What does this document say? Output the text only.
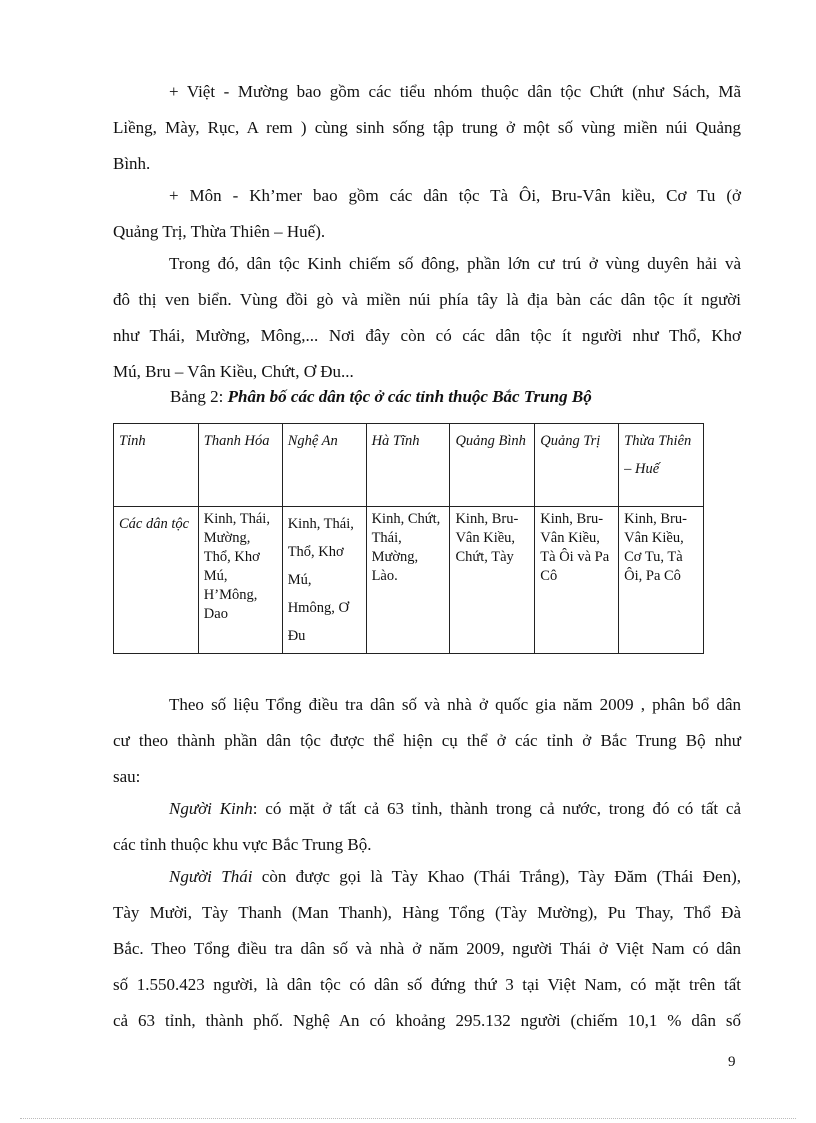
+ Việt - Mường bao gồm các tiểu nhóm thuộc dân tộc Chứt (như Sách, Mã
Liềng, Mày, Rục, A rem ) cùng sinh sống tập trung ở một số vùng miền núi Quảng
Bình.
+ Môn - Kh’mer bao gồm các dân tộc Tà Ôi, Bru-Vân kiều, Cơ Tu (ở
Quảng Trị, Thừa Thiên – Huế).
Trong đó, dân tộc Kinh chiếm số đông, phần lớn cư trú ở vùng duyên hải và
đô thị ven biển. Vùng đồi gò và miền núi phía tây là địa bàn các dân tộc ít người
như Thái, Mường, Mông,... Nơi đây còn có các dân tộc ít người như Thổ, Khơ
Mú, Bru – Vân Kiều, Chứt, Ơ Đu...
Bảng 2: Phân bố các dân tộc ở các tỉnh thuộc Bắc Trung Bộ
Tỉnh	Thanh Hóa	Nghệ An	Hà Tĩnh	Quảng Bình	Quảng Trị	Thừa Thiên – Huế
Các dân tộc	Kinh, Thái, Mường, Thổ, Khơ Mú, H’Mông, Dao	Kinh, Thái, Thổ, Khơ Mú, Hmông, Ơ Đu	Kinh, Chứt, Thái, Mường, Lào.	Kinh, Bru-Vân Kiều, Chứt, Tày	Kinh, Bru-Vân Kiều, Tà Ôi và Pa Cô	Kinh, Bru-Vân Kiều, Cơ Tu, Tà Ôi, Pa Cô
Theo số liệu Tổng điều tra dân số và nhà ở quốc gia năm 2009 , phân bổ dân
cư theo thành phần dân tộc được thể hiện cụ thể ở các tỉnh ở Bắc Trung Bộ như
sau:
Người Kinh: có mặt ở tất cả 63 tỉnh, thành trong cả nước, trong đó có tất cả
các tỉnh thuộc khu vực Bắc Trung Bộ.
Người Thái còn được gọi là Tày Khao (Thái Trắng), Tày Đăm (Thái Đen),
Tày Mười, Tày Thanh (Man Thanh), Hàng Tổng (Tày Mường), Pu Thay, Thổ Đà
Bắc. Theo Tổng điều tra dân số và nhà ở năm 2009, người Thái ở Việt Nam có dân
số 1.550.423 người, là dân tộc có dân số đứng thứ 3 tại Việt Nam, có mặt trên tất
cả 63 tỉnh, thành phố. Nghệ An có khoảng 295.132 người (chiếm 10,1 % dân số
9
